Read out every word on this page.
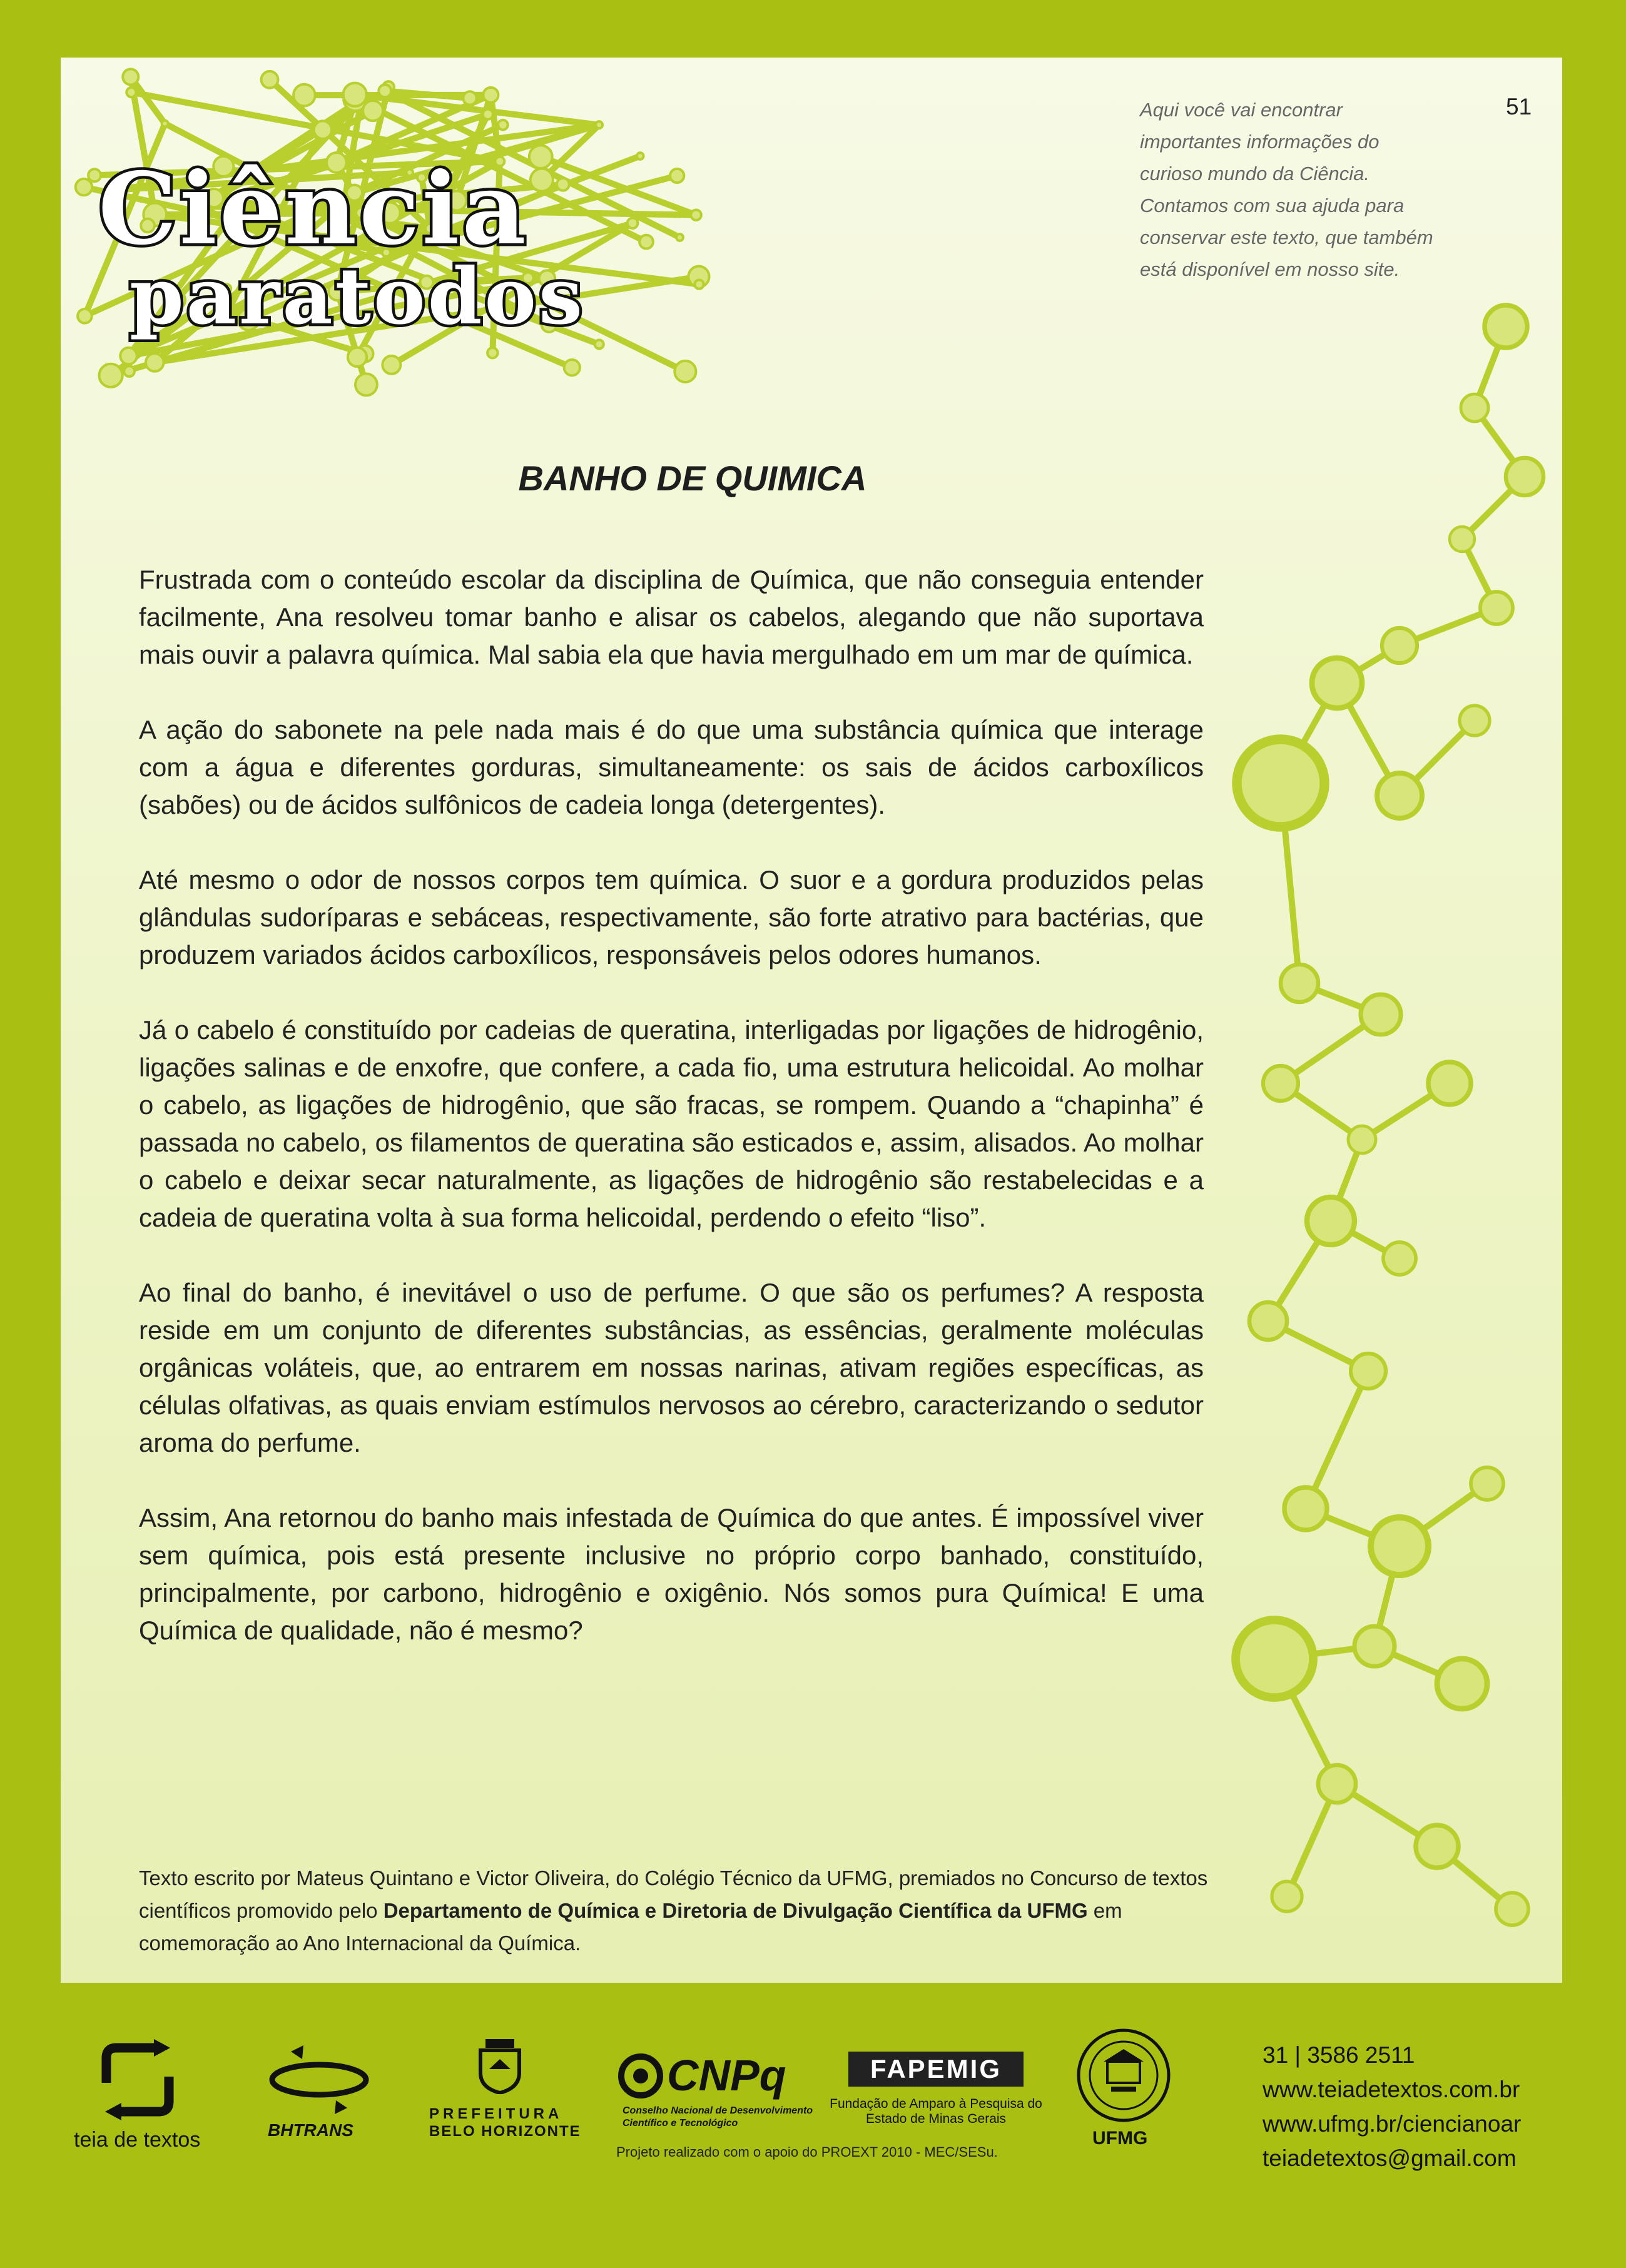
Ciência
paratodos
Aqui você vai encontrar
importantes informações do
curioso mundo da Ciência.
Contamos com sua ajuda para
conservar este texto, que também
está disponível em nosso site.
51
BANHO DE QUIMICA

Frustrada com o conteúdo escolar da disciplina de Química, que não conseguia entender facilmente, Ana resolveu tomar banho e alisar os cabelos, alegando que não suportava mais ouvir a palavra química. Mal sabia ela que havia mergulhado em um mar de química.

A ação do sabonete na pele nada mais é do que uma substância química que interage com a água e diferentes gorduras, simultaneamente: os sais de ácidos carboxílicos (sabões) ou de ácidos sulfônicos de cadeia longa (detergentes).

Até mesmo o odor de nossos corpos tem química. O suor e a gordura produzidos pelas glândulas sudoríparas e sebáceas, respectivamente, são forte atrativo para bactérias, que produzem variados ácidos carboxílicos, responsáveis pelos odores humanos.

Já o cabelo é constituído por cadeias de queratina, interligadas por ligações de hidrogênio, ligações salinas e de enxofre, que confere, a cada fio, uma estrutura helicoidal. Ao molhar o cabelo, as ligações de hidrogênio, que são fracas, se rompem. Quando a “chapinha” é passada no cabelo, os filamentos de queratina são esticados e, assim, alisados. Ao molhar o cabelo e deixar secar naturalmente, as ligações de hidrogênio são restabelecidas e a cadeia de queratina volta à sua forma helicoidal, perdendo o efeito “liso”.

Ao final do banho, é inevitável o uso de perfume. O que são os perfumes? A resposta reside em um conjunto de diferentes substâncias, as essências, geralmente moléculas orgânicas voláteis, que, ao entrarem em nossas narinas, ativam regiões específicas, as células olfativas, as quais enviam estímulos nervosos ao cérebro, caracterizando o sedutor aroma do perfume.

Assim, Ana retornou do banho mais infestada de Química do que antes. É impossível viver sem química, pois está presente inclusive no próprio corpo banhado, constituído, principalmente, por carbono, hidrogênio e oxigênio. Nós somos pura Química! E uma Química de qualidade, não é mesmo?

Texto escrito por Mateus Quintano e Victor Oliveira, do Colégio Técnico da UFMG, premiados no Concurso de textos científicos promovido pelo Departamento de Química e Diretoria de Divulgação Científica da UFMG em comemoração ao Ano Internacional da Química.
teia de textos	BHTRANS
PREFEITURA
BELO HORIZONTE
CNPq
Conselho Nacional de Desenvolvimento
Científico e Tecnológico
FAPEMIG
Fundação de Amparo à Pesquisa do
Estado de Minas Gerais
Projeto realizado com o apoio do PROEXT 2010 - MEC/SESu.
UFMG
31 | 3586 2511
www.teiadetextos.com.br
www.ufmg.br/ciencianoar
teiadetextos@gmail.com
